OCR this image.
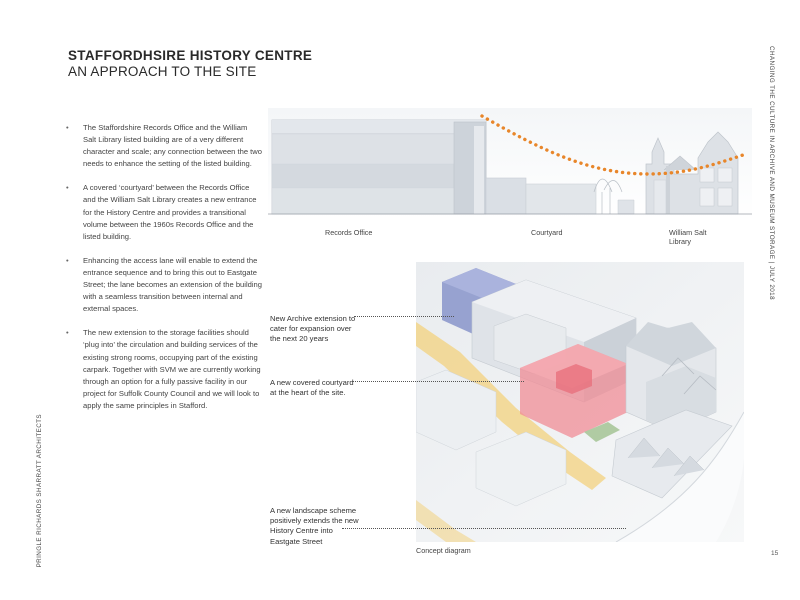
STAFFORDHSIRE HISTORY CENTRE
AN APPROACH TO THE SITE
• The Staffordshire Records Office and the William Salt Library listed building are of a very different character and scale; any connection between the two needs to enhance the setting of the listed building.
• A covered ‘courtyard’ between the Records Office and the William Salt Library creates a new entrance for the History Centre and provides a transitional volume between the 1960s Records Office and the listed building.
• Enhancing the access lane will enable to extend the entrance sequence and to bring this out to Eastgate Street; the lane becomes an extension of the building with a seamless transition between internal and external spaces.
• The new extension to the storage facilities should ‘plug into’ the circulation and building services of the existing strong rooms, occupying part of the existing carpark. Together with SVM we are currently working through an option for a fully passive facility in our project for Suffolk County Council and we will look to apply the same principles in Stafford.
Records Office	Courtyard	William Salt
Library
New Archive extension to cater for expansion over the next 20 years
A new covered courtyard at the heart of the site.
A new landscape scheme positively extends the new History Centre into Eastgate Street
Concept diagram
CHANGING THE CULTURE IN ARCHIVE AND MUSEUM STORAGE | JULY 2018
PRINGLE RICHARDS SHARRATT ARCHITECTS	15
